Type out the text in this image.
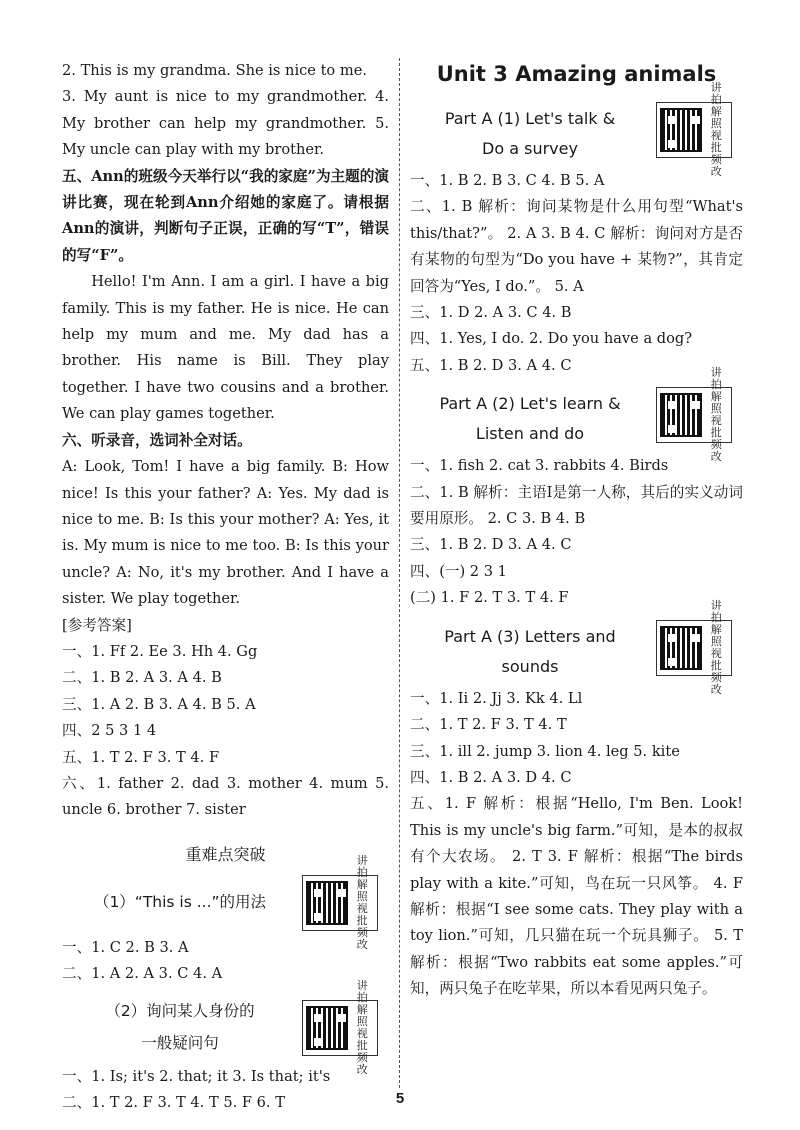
2. This is my grandma. She is nice to me.

3. My aunt is nice to my grandmother. 4. My brother can help my grandmother. 5. My uncle can play with my brother.

五、Ann的班级今天举行以“我的家庭”为主题的演讲比赛，现在轮到Ann介绍她的家庭了。请根据Ann的演讲，判断句子正误，正确的写“T”，错误的写“F”。

Hello! I'm Ann. I am a girl. I have a big family. This is my father. He is nice. He can help my mum and me. My dad has a brother. His name is Bill. They play together. I have two cousins and a brother. We can play games together.

六、听录音，选词补全对话。

A: Look, Tom! I have a big family. B: How nice! Is this your father? A: Yes. My dad is nice to me. B: Is this your mother? A: Yes, it is. My mum is nice to me too. B: Is this your uncle? A: No, it's my brother. And I have a sister. We play together.

[参考答案]

一、1. Ff 2. Ee 3. Hh 4. Gg

二、1. B 2. A 3. A 4. B

三、1. A 2. B 3. A 4. B 5. A

四、2 5 3 1 4

五、1. T 2. F 3. T 4. F

六、1. father 2. dad 3. mother 4. mum 5. uncle 6. brother 7. sister

重难点突破
（1）“This is ...”的用法
讲拍解照视批频改

一、1. C 2. B 3. A

二、1. A 2. A 3. C 4. A

（2）询问某人身份的
一般疑问句
讲拍解照视批频改

一、1. Is; it's 2. that; it 3. Is that; it's

二、1. T 2. F 3. T 4. T 5. F 6. T

Unit 3 Amazing animals
Part A (1) Let's talk &
Do a survey
讲拍解照视批频改

一、1. B 2. B 3. C 4. B 5. A

二、1. B 解析：询问某物是什么用句型“What's this/that?”。 2. A 3. B 4. C 解析：询问对方是否有某物的句型为“Do you have + 某物?”，其肯定回答为“Yes, I do.”。 5. A

三、1. D 2. A 3. C 4. B

四、1. Yes, I do. 2. Do you have a dog?

五、1. B 2. D 3. A 4. C

Part A (2) Let's learn &
Listen and do
讲拍解照视批频改

一、1. fish 2. cat 3. rabbits 4. Birds

二、1. B 解析：主语I是第一人称，其后的实义动词要用原形。 2. C 3. B 4. B

三、1. B 2. D 3. A 4. C

四、(一) 2 3 1

(二) 1. F 2. T 3. T 4. F

Part A (3) Letters and
sounds
讲拍解照视批频改

一、1. Ii 2. Jj 3. Kk 4. Ll

二、1. T 2. F 3. T 4. T

三、1. ill 2. jump 3. lion 4. leg 5. kite

四、1. B 2. A 3. D 4. C

五、1. F 解析：根据“Hello, I'm Ben. Look! This is my uncle's big farm.”可知，是本的叔叔有个大农场。 2. T 3. F 解析：根据“The birds play with a kite.”可知，鸟在玩一只风筝。 4. F 解析：根据“I see some cats. They play with a toy lion.”可知，几只猫在玩一个玩具狮子。 5. T 解析：根据“Two rabbits eat some apples.”可知，两只兔子在吃苹果，所以本看见两只兔子。

5
